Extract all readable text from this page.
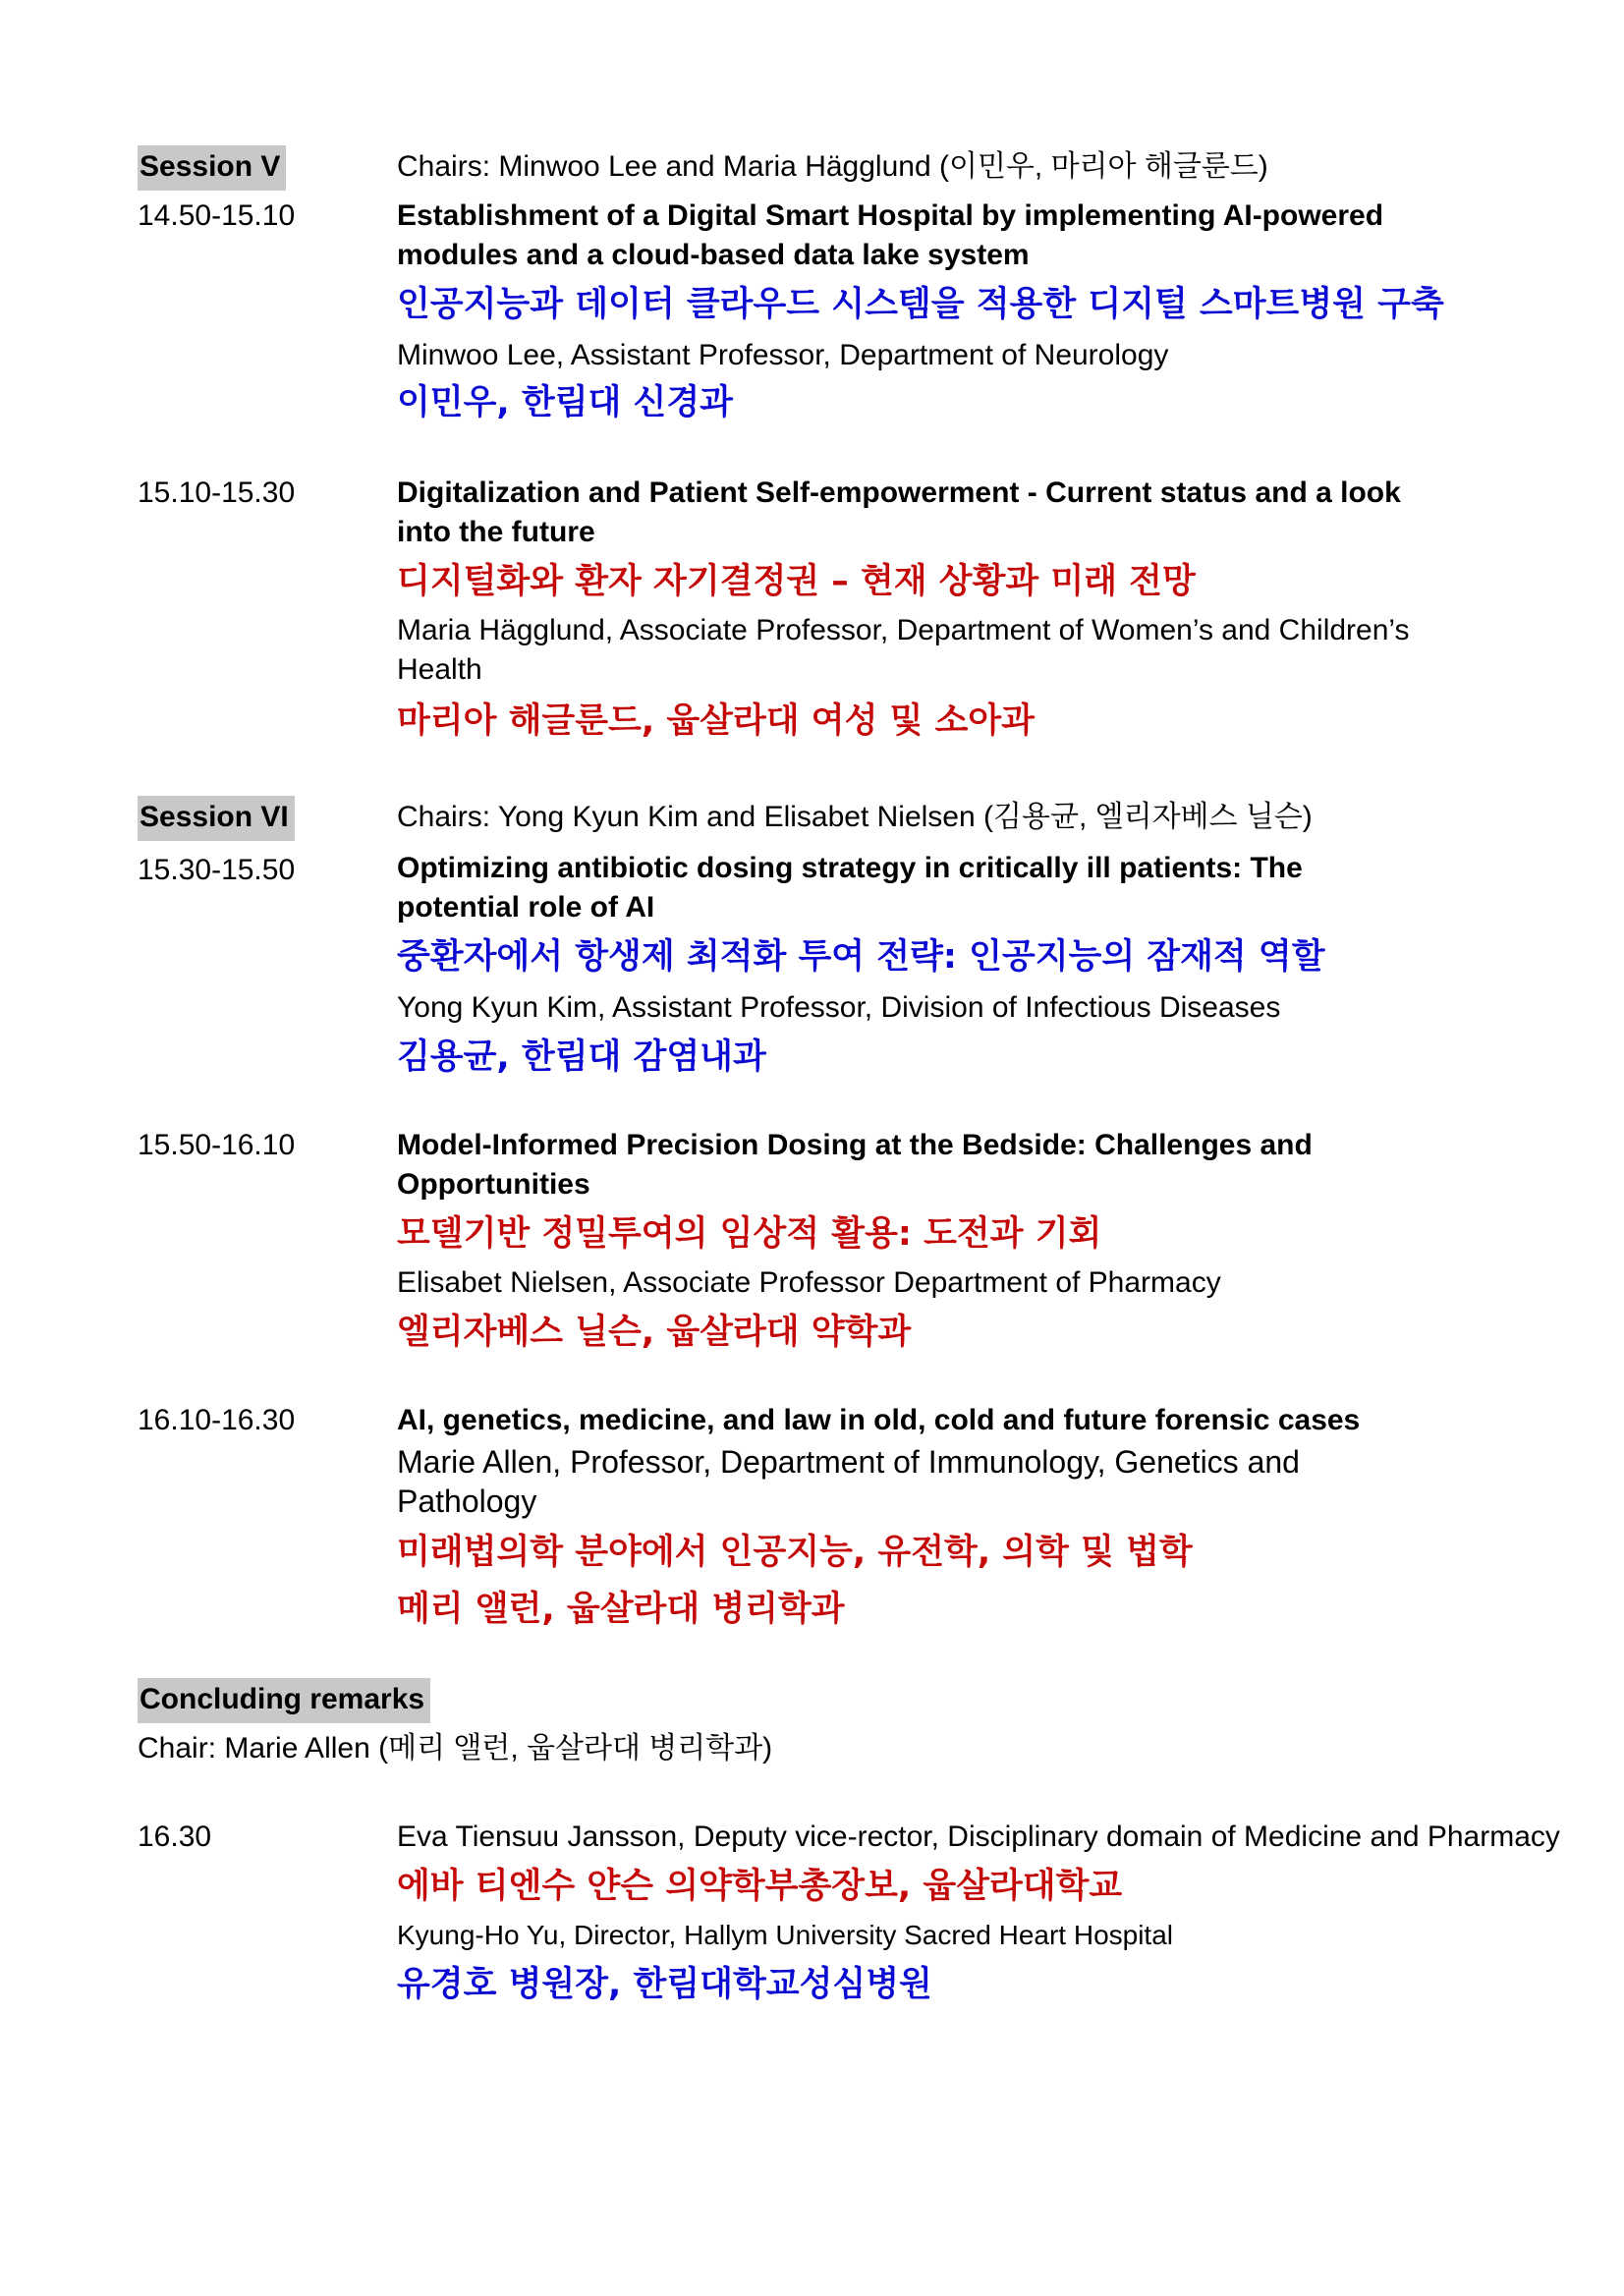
Session V	Chairs: Minwoo Lee and Maria Hägglund (이민우, 마리아 해글룬드)
14.50-15.10	Establishment of a Digital Smart Hospital by implementing AI-powered modules and a cloud-based data lake system
인공지능과 데이터 클라우드 시스템을 적용한 디지털 스마트병원 구축
Minwoo Lee, Assistant Professor, Department of Neurology
이민우, 한림대 신경과
15.10-15.30	Digitalization and Patient Self-empowerment - Current status and a look into the future
디지털화와 환자 자기결정권 – 현재 상황과 미래 전망
Maria Hägglund, Associate Professor, Department of Women’s and Children’s Health
마리아 해글룬드, 웁살라대 여성 및 소아과
Session VI	Chairs: Yong Kyun Kim and Elisabet Nielsen (김용균, 엘리자베스 닐슨)
15.30-15.50	Optimizing antibiotic dosing strategy in critically ill patients: The potential role of AI
중환자에서 항생제 최적화 투여 전략: 인공지능의 잠재적 역할
Yong Kyun Kim, Assistant Professor, Division of Infectious Diseases
김용균, 한림대 감염내과
15.50-16.10	Model-Informed Precision Dosing at the Bedside: Challenges and Opportunities
모델기반 정밀투여의 임상적 활용: 도전과 기회
Elisabet Nielsen, Associate Professor Department of Pharmacy
엘리자베스 닐슨, 웁살라대 약학과
16.10-16.30	AI, genetics, medicine, and law in old, cold and future forensic cases
Marie Allen, Professor, Department of Immunology, Genetics and Pathology
미래법의학 분야에서 인공지능, 유전학, 의학 및 법학
메리 앨런, 웁살라대 병리학과
Concluding remarks
Chair: Marie Allen (메리 앨런, 웁살라대 병리학과)
16.30	Eva Tiensuu Jansson, Deputy vice-rector, Disciplinary domain of Medicine and Pharmacy
에바 티엔수 얀슨 의약학부총장보, 웁살라대학교
Kyung-Ho Yu, Director, Hallym University Sacred Heart Hospital
유경호 병원장, 한림대학교성심병원
